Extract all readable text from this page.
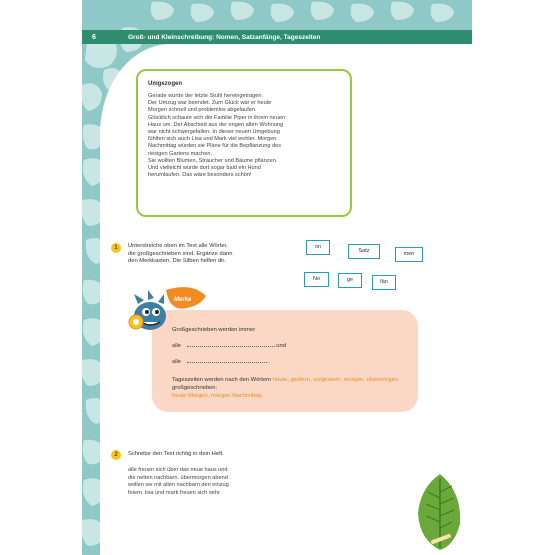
6	Groß- und Kleinschreibung: Nomen, Satzanfänge, Tageszeiten
Umgezogen

Gerade wurde der letzte Stuhl hereingetragen.

Der Umzug war beendet. Zum Glück war er heute

Morgen schnell und problemlos abgelaufen.

Glücklich schaute sich die Familie Piper in ihrem neuen

Haus um. Der Abschied aus der engen alten Wohnung

war nicht schwergefallen. In dieser neuen Umgebung

fühlten sich auch Lisa und Mark viel wohler. Morgen

Nachmittag würden sie Pläne für die Bepflanzung des

riesigen Gartens machen.

Sie wollten Blumen, Sträucher und Bäume pflanzen.

Und vielleicht würde dort sogar bald ein Hund

herumlaufen. Das wäre besonders schön!

1	Unterstreiche oben im Text alle Wörter,
die großgeschrieben sind. Ergänze dann
den Merkkasten. Die Silben helfen dir.
on
Satz	men
No	ge	fän
Großgeschrieben werden immer
alle	und
alle	.
Tageszeiten werden nach den Wörtern heute, gestern, vorgestern, morgen, übermorgen großgeschrieben:
heute Morgen, morgen Nachmittag.
Merke
2	Schreibe den Text richtig in dein Heft.
alle freuen sich über das neue haus und
die netten nachbarn. übermorgen abend
wollen sie mit allen nachbarn den einzug
feiern. lisa und mark freuen sich sehr.
